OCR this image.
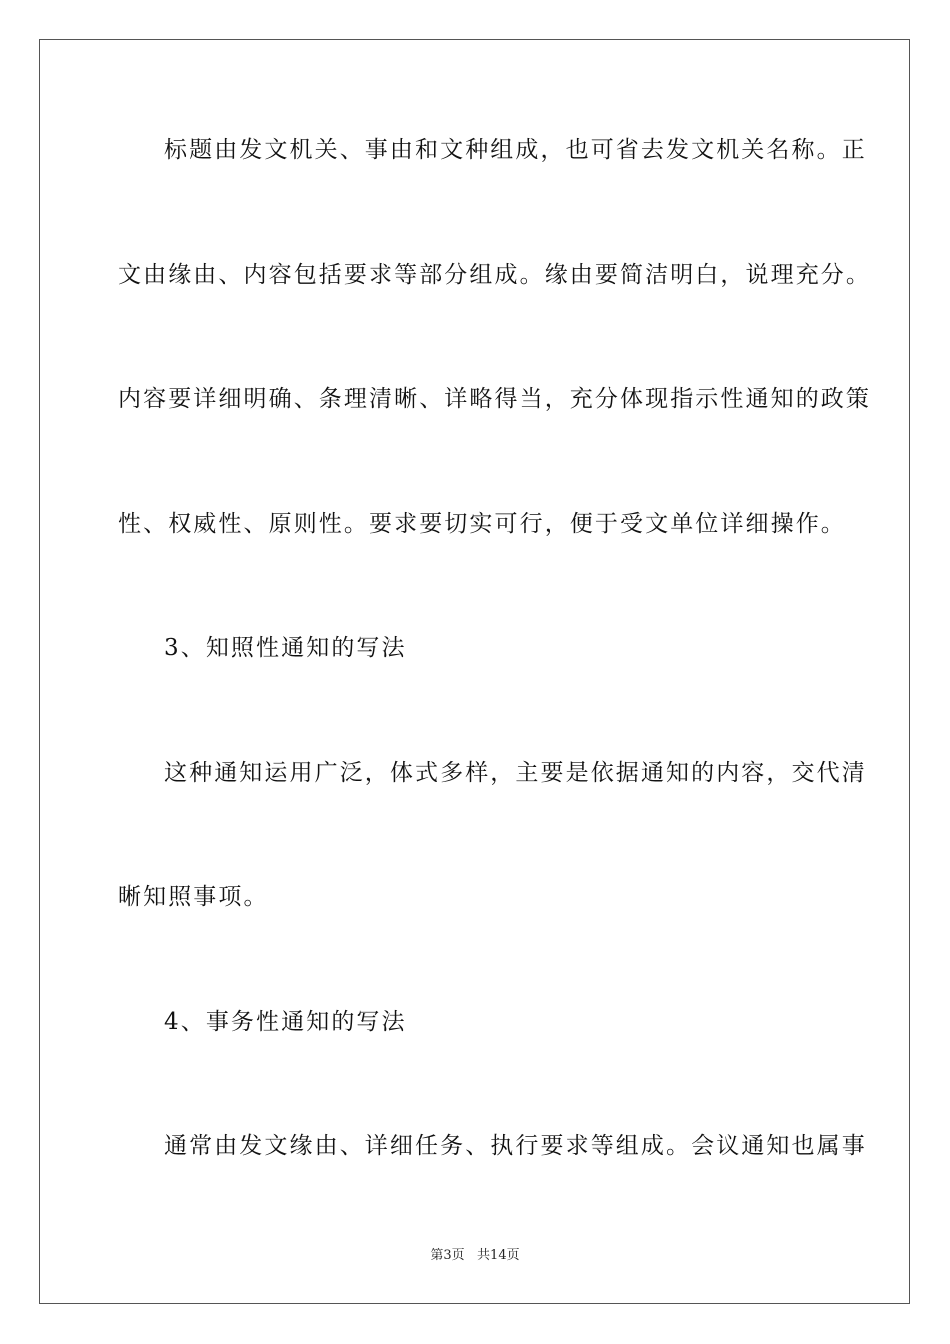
标题由发文机关、事由和文种组成，也可省去发文机关名称。正
文由缘由、内容包括要求等部分组成。缘由要简洁明白，说理充分。
内容要详细明确、条理清晰、详略得当，充分体现指示性通知的政策
性、权威性、原则性。要求要切实可行，便于受文单位详细操作。
3、知照性通知的写法
这种通知运用广泛，体式多样，主要是依据通知的内容，交代清
晰知照事项。
4、事务性通知的写法
通常由发文缘由、详细任务、执行要求等组成。会议通知也属事
第3页   共14页
